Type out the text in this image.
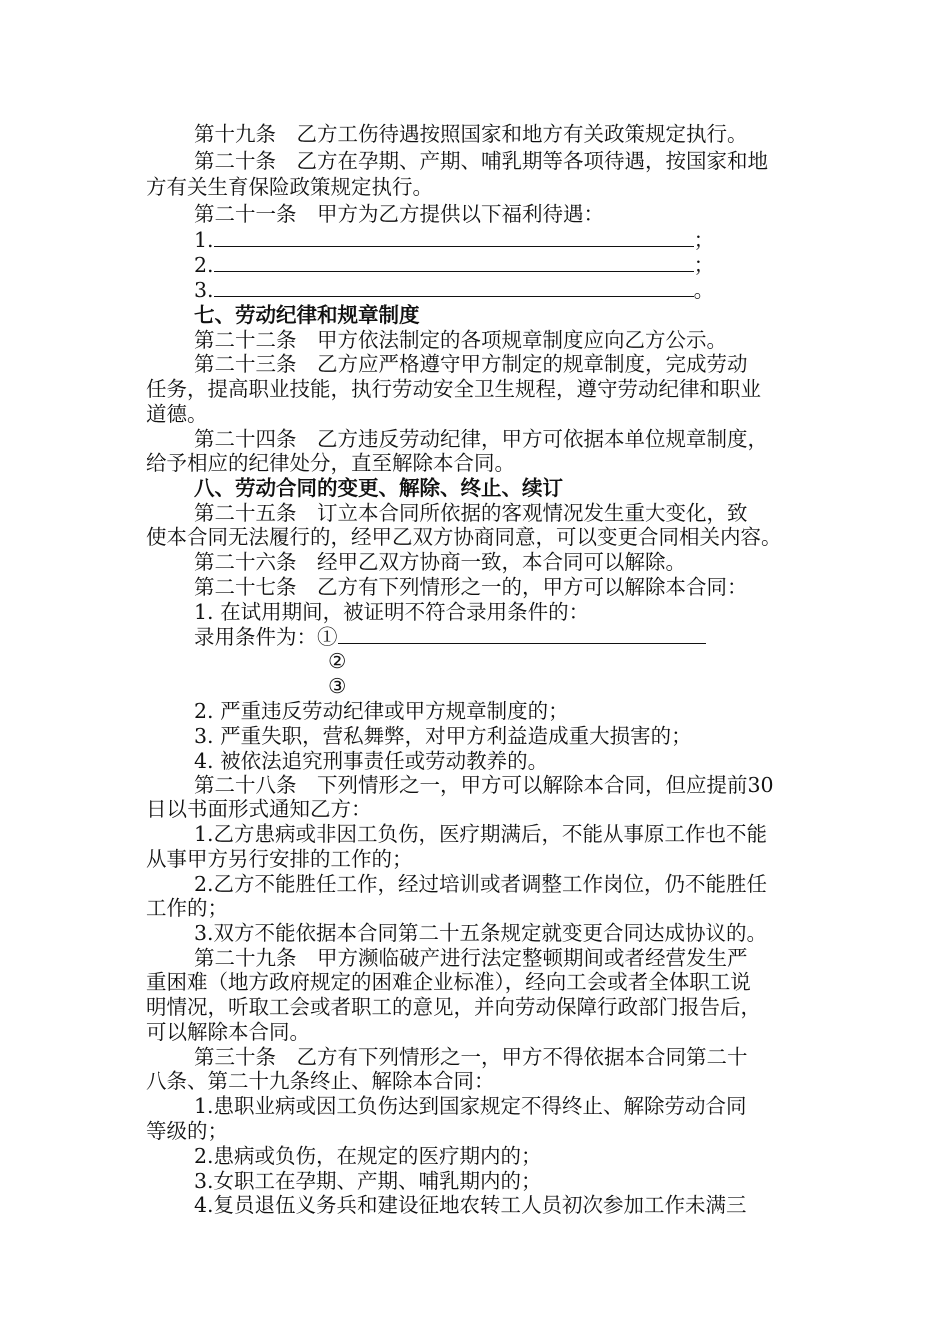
第十九条　乙方工伤待遇按照国家和地方有关政策规定执行。
第二十条　乙方在孕期、产期、哺乳期等各项待遇，按国家和地
方有关生育保险政策规定执行。
第二十一条　甲方为乙方提供以下福利待遇：
1.	；
2.	；
3.	。
七、劳动纪律和规章制度
第二十二条　甲方依法制定的各项规章制度应向乙方公示。
第二十三条　乙方应严格遵守甲方制定的规章制度，完成劳动
任务，提高职业技能，执行劳动安全卫生规程，遵守劳动纪律和职业
道德。
第二十四条　乙方违反劳动纪律，甲方可依据本单位规章制度，
给予相应的纪律处分，直至解除本合同。
八、劳动合同的变更、解除、终止、续订
第二十五条　订立本合同所依据的客观情况发生重大变化，致
使本合同无法履行的，经甲乙双方协商同意，可以变更合同相关内容。
第二十六条　经甲乙双方协商一致，本合同可以解除。
第二十七条　乙方有下列情形之一的，甲方可以解除本合同：
1. 在试用期间，被证明不符合录用条件的：
录用条件为：①
②
③
2. 严重违反劳动纪律或甲方规章制度的；
3. 严重失职，营私舞弊，对甲方利益造成重大损害的；
4. 被依法追究刑事责任或劳动教养的。
第二十八条　下列情形之一，甲方可以解除本合同，但应提前30
日以书面形式通知乙方：
1.乙方患病或非因工负伤，医疗期满后，不能从事原工作也不能
从事甲方另行安排的工作的；
2.乙方不能胜任工作，经过培训或者调整工作岗位，仍不能胜任
工作的；
3.双方不能依据本合同第二十五条规定就变更合同达成协议的。
第二十九条　甲方濒临破产进行法定整顿期间或者经营发生严
重困难（地方政府规定的困难企业标准），经向工会或者全体职工说
明情况，听取工会或者职工的意见，并向劳动保障行政部门报告后，
可以解除本合同。
第三十条　乙方有下列情形之一，甲方不得依据本合同第二十
八条、第二十九条终止、解除本合同：
1.患职业病或因工负伤达到国家规定不得终止、解除劳动合同
等级的；
2.患病或负伤，在规定的医疗期内的；
3.女职工在孕期、产期、哺乳期内的；
4.复员退伍义务兵和建设征地农转工人员初次参加工作未满三
